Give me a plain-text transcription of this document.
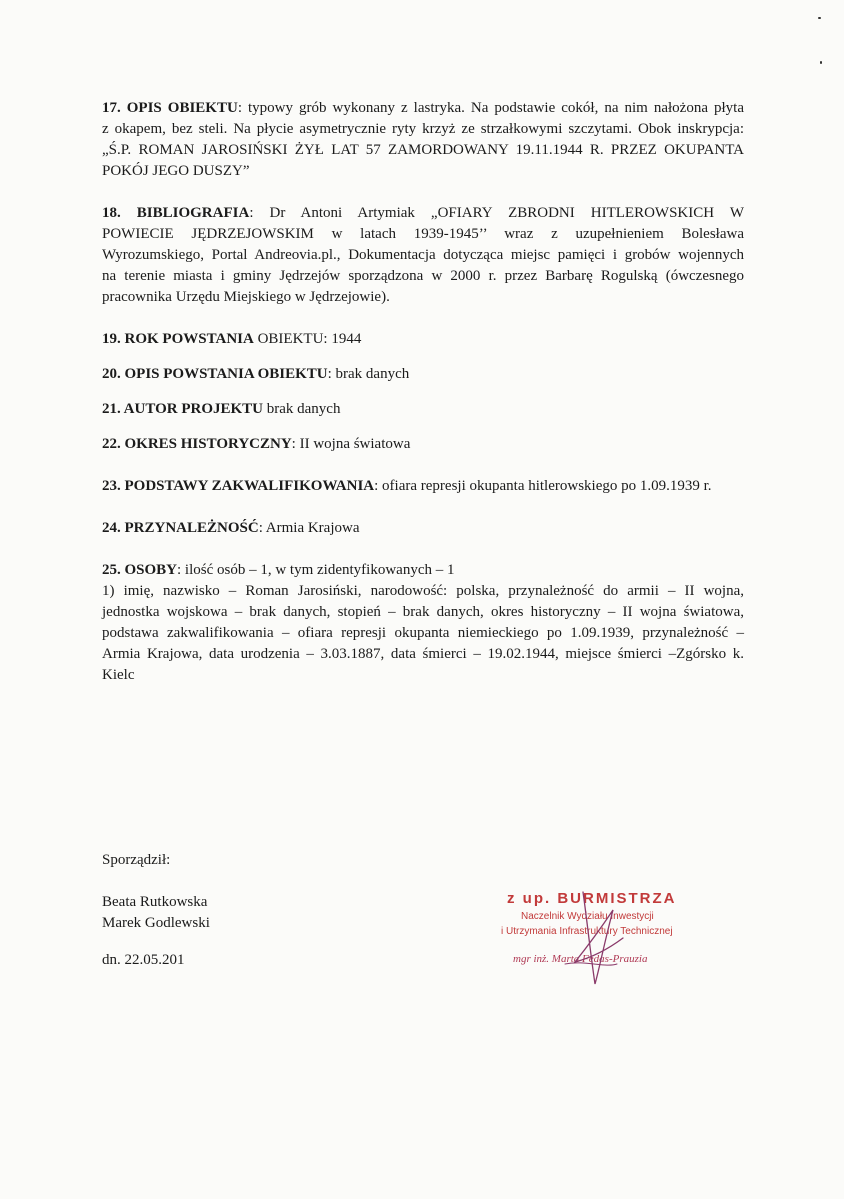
17. OPIS OBIEKTU: typowy grób wykonany z lastryka. Na podstawie cokół, na nim nałożona płyta
z okapem, bez steli. Na płycie asymetrycznie ryty krzyż ze strzałkowymi szczytami. Obok inskrypcja:
„Ś.P. ROMAN JAROSIŃSKI ŻYŁ LAT 57 ZAMORDOWANY 19.11.1944 R. PRZEZ OKUPANTA
POKÓJ JEGO DUSZY”
18. BIBLIOGRAFIA: Dr Antoni Artymiak „OFIARY ZBRODNI HITLEROWSKICH W
POWIECIE JĘDRZEJOWSKIM w latach 1939-1945’’ wraz z uzupełnieniem Bolesława
Wyrozumskiego, Portal Andreovia.pl., Dokumentacja dotycząca miejsc pamięci i grobów wojennych
na terenie miasta i gminy Jędrzejów sporządzona w 2000 r. przez Barbarę Rogulską (ówczesnego
pracownika Urzędu Miejskiego w Jędrzejowie).
19. ROK POWSTANIA OBIEKTU: 1944
20. OPIS POWSTANIA OBIEKTU: brak danych
21. AUTOR PROJEKTU brak danych
22. OKRES HISTORYCZNY: II wojna światowa
23. PODSTAWY ZAKWALIFIKOWANIA: ofiara represji okupanta hitlerowskiego po 1.09.1939 r.
24. PRZYNALEŻNOŚĆ: Armia Krajowa
25. OSOBY: ilość osób – 1, w tym zidentyfikowanych – 1
1) imię, nazwisko – Roman Jarosiński, narodowość: polska, przynależność do armii – II wojna,
jednostka wojskowa – brak danych, stopień – brak danych, okres historyczny – II wojna światowa,
podstawa zakwalifikowania – ofiara represji okupanta niemieckiego po 1.09.1939, przynależność –
Armia Krajowa, data urodzenia – 3.03.1887, data śmierci – 19.02.1944, miejsce śmierci –Zgórsko k.
Kielc
Sporządził:
Beata Rutkowska
Marek Godlewski
dn. 22.05.201
z up. BURMISTRZA
Naczelnik Wydziału Inwestycji
i Utrzymania Infrastruktury Technicznej
mgr inż. Marta Fedas-Prauzia
